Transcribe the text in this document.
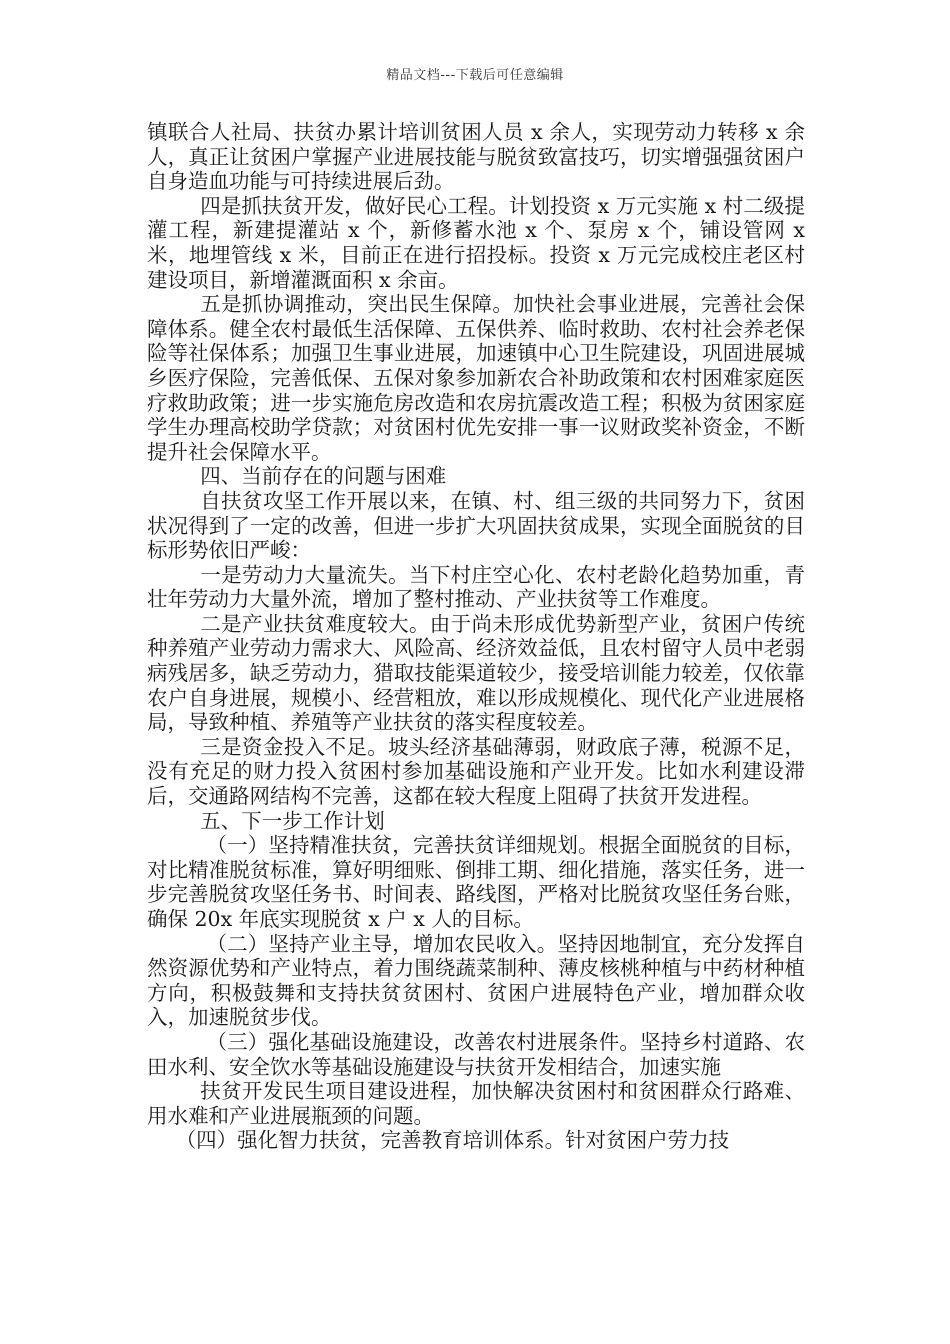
精品文档---下载后可任意编辑

镇联合人社局、扶贫办累计培训贫困人员 x 余人，实现劳动力转移 x 余人，真正让贫困户掌握产业进展技能与脱贫致富技巧，切实增强强贫困户自身造血功能与可持续进展后劲。

四是抓扶贫开发，做好民心工程。计划投资 x 万元实施 x 村二级提灌工程，新建提灌站 x 个，新修蓄水池 x 个、泵房 x 个，铺设管网 x 米，地埋管线 x 米，目前正在进行招投标。投资 x 万元完成校庄老区村建设项目，新增灌溉面积 x 余亩。

五是抓协调推动，突出民生保障。加快社会事业进展，完善社会保障体系。健全农村最低生活保障、五保供养、临时救助、农村社会养老保险等社保体系；加强卫生事业进展，加速镇中心卫生院建设，巩固进展城乡医疗保险，完善低保、五保对象参加新农合补助政策和农村困难家庭医疗救助政策；进一步实施危房改造和农房抗震改造工程；积极为贫困家庭学生办理高校助学贷款；对贫困村优先安排一事一议财政奖补资金，不断提升社会保障水平。

四、当前存在的问题与困难

自扶贫攻坚工作开展以来，在镇、村、组三级的共同努力下，贫困状况得到了一定的改善，但进一步扩大巩固扶贫成果，实现全面脱贫的目标形势依旧严峻：

一是劳动力大量流失。当下村庄空心化、农村老龄化趋势加重，青壮年劳动力大量外流，增加了整村推动、产业扶贫等工作难度。

二是产业扶贫难度较大。由于尚未形成优势新型产业，贫困户传统种养殖产业劳动力需求大、风险高、经济效益低，且农村留守人员中老弱病残居多，缺乏劳动力，猎取技能渠道较少，接受培训能力较差，仅依靠农户自身进展，规模小、经营粗放，难以形成规模化、现代化产业进展格局，导致种植、养殖等产业扶贫的落实程度较差。

三是资金投入不足。坡头经济基础薄弱，财政底子薄，税源不足，没有充足的财力投入贫困村参加基础设施和产业开发。比如水利建设滞后，交通路网结构不完善，这都在较大程度上阻碍了扶贫开发进程。

五、下一步工作计划

（一）坚持精准扶贫，完善扶贫详细规划。根据全面脱贫的目标，对比精准脱贫标准，算好明细账、倒排工期、细化措施，落实任务，进一步完善脱贫攻坚任务书、时间表、路线图，严格对比脱贫攻坚任务台账，确保 20x 年底实现脱贫 x 户 x 人的目标。

（二）坚持产业主导，增加农民收入。坚持因地制宜，充分发挥自然资源优势和产业特点，着力围绕蔬菜制种、薄皮核桃种植与中药材种植方向，积极鼓舞和支持扶贫贫困村、贫困户进展特色产业，增加群众收入，加速脱贫步伐。

（三）强化基础设施建设，改善农村进展条件。坚持乡村道路、农田水利、安全饮水等基础设施建设与扶贫开发相结合，加速实施

扶贫开发民生项目建设进程，加快解决贫困村和贫困群众行路难、用水难和产业进展瓶颈的问题。

（四）强化智力扶贫，完善教育培训体系。针对贫困户劳力技
